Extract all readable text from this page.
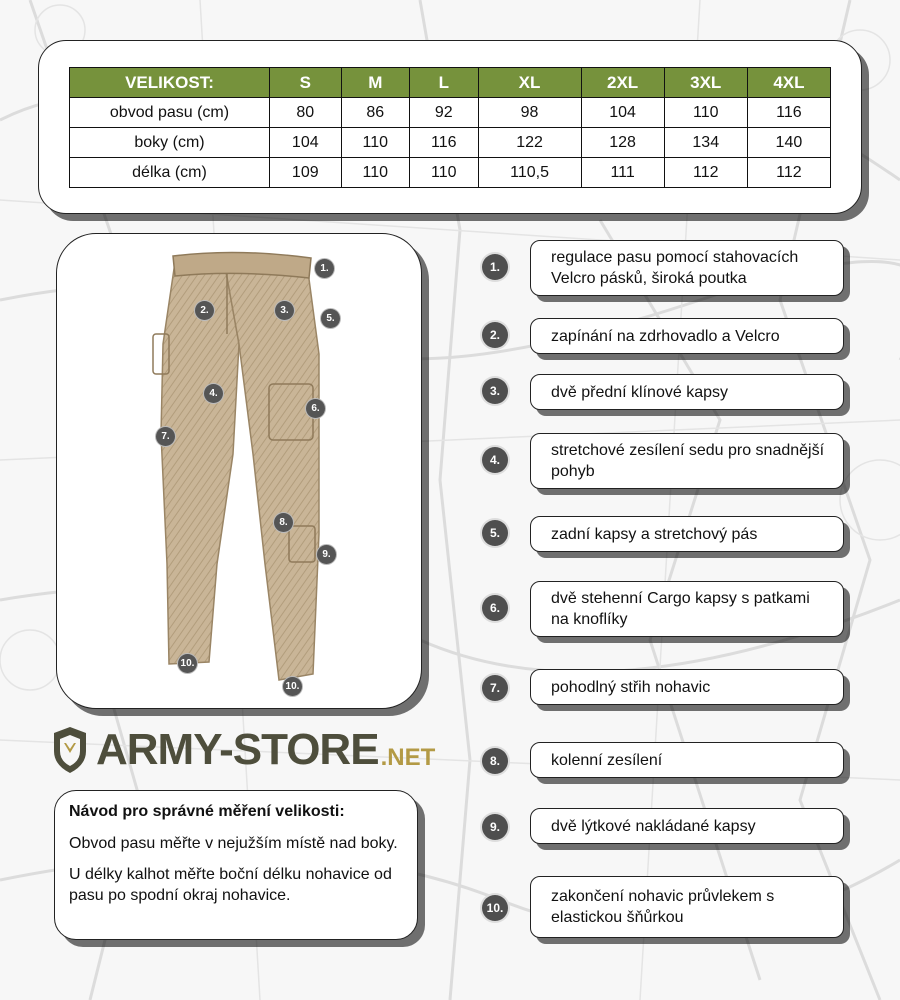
VELIKOST:	S	M	L	XL	2XL	3XL	4XL
obvod pasu (cm)	80	86	92	98	104	110	116
boky (cm)	104	110	116	122	128	134	140
délka (cm)	109	110	110	110,5	111	112	112
1.
2.	3.
5.
4.
6.
7.
8.
9.
10.
10.
1.
regulace pasu pomocí stahovacích Velcro pásků, široká poutka
2.	zapínání na zdrhovadlo a Velcro
3.	dvě přední klínové kapsy
4.
stretchové zesílení sedu pro snadnější pohyb
5.	zadní kapsy a stretchový pás
6.
dvě stehenní Cargo kapsy s patkami na knoflíky
7.	pohodlný střih nohavic
8.	kolenní zesílení
9.	dvě lýtkové nakládané kapsy
10.
zakončení nohavic průvlekem s elastickou šňůrkou
ARMY-STORE .NET

Návod pro správné měření velikosti:

Obvod pasu měřte v nejužším místě nad boky.

U délky kalhot měřte boční délku nohavice od pasu po spodní okraj nohavice.
